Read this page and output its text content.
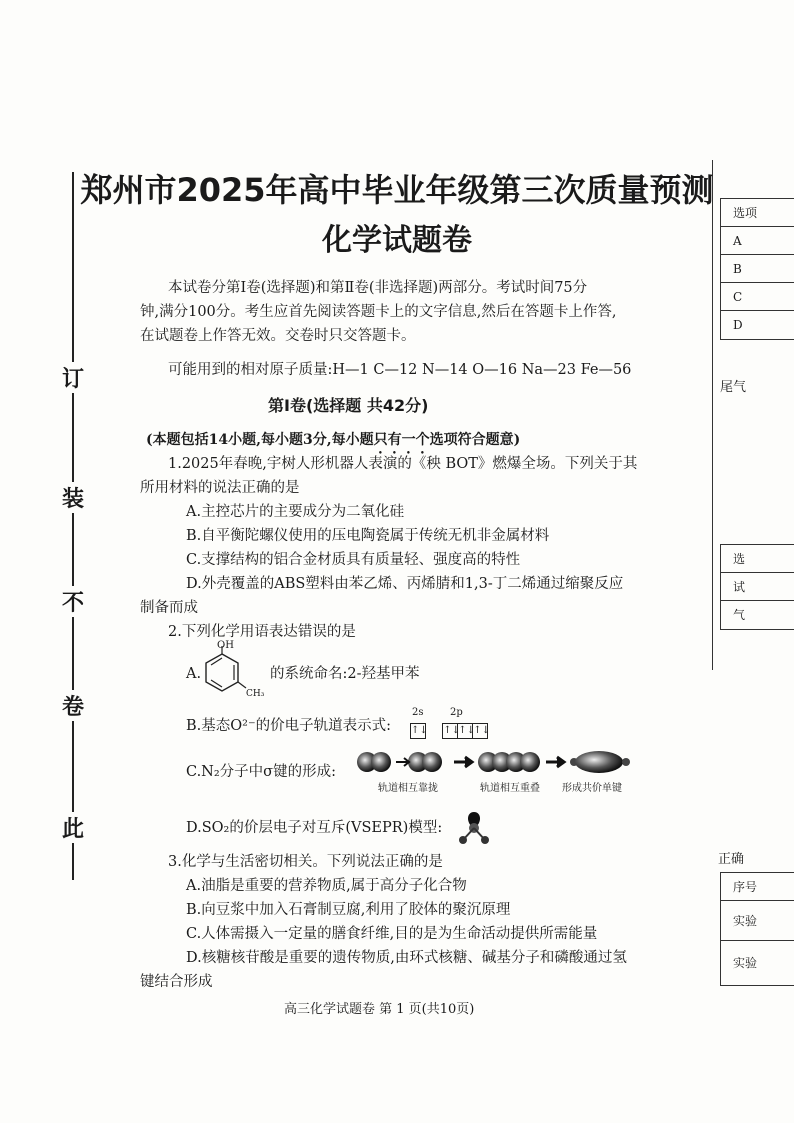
订
装
不
卷
此
选项
A
B
C
D
尾气
选
试
气
正确
序号
实验
实验
郑州市2025年高中毕业年级第三次质量预测
化学试题卷
本试卷分第Ⅰ卷(选择题)和第Ⅱ卷(非选择题)两部分。考试时间75分
钟,满分100分。考生应首先阅读答题卡上的文字信息,然后在答题卡上作答,
在试题卷上作答无效。交卷时只交答题卡。
可能用到的相对原子质量:H—1 C—12 N—14 O—16 Na—23 Fe—56
第Ⅰ卷(选择题 共42分)
(本题包括14小题,每小题3分,每小题只有一个选项符合题意)
1.2025年春晚,宇树人形机器人表演的《秧 BOT》燃爆全场。下列关于其
所用材料的说法正确的是
A.主控芯片的主要成分为二氧化硅
B.自平衡陀螺仪使用的压电陶瓷属于传统无机非金属材料
C.支撑结构的铝合金材质具有质量轻、强度高的特性
D.外壳覆盖的ABS塑料由苯乙烯、丙烯腈和1,3-丁二烯通过缩聚反应
制备而成
2.下列化学用语表达错误的是
A.
OH
CH₃
的系统命名:2-羟基甲苯
B.基态O²⁻的价电子轨道表示式:
2s	2p
↑↓ ↑↓↑↓↑↓
C.N₂分子中σ键的形成:
轨道相互靠拢	轨道相互重叠 形成共价单键
D.SO₂的价层电子对互斥(VSEPR)模型:
3.化学与生活密切相关。下列说法正确的是
A.油脂是重要的营养物质,属于高分子化合物
B.向豆浆中加入石膏制豆腐,利用了胶体的聚沉原理
C.人体需摄入一定量的膳食纤维,目的是为生命活动提供所需能量
D.核糖核苷酸是重要的遗传物质,由环式核糖、碱基分子和磷酸通过氢
键结合形成
高三化学试题卷 第 1 页(共10页)
